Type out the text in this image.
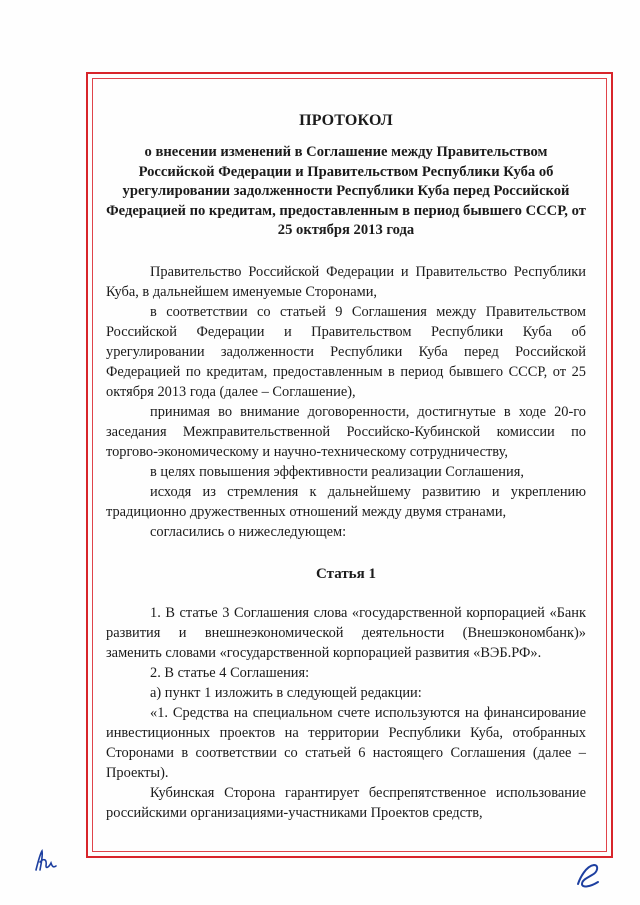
ПРОТОКОЛ
о внесении изменений в Соглашение между Правительством Российской Федерации и Правительством Республики Куба об урегулировании задолженности Республики Куба перед Российской Федерацией по кредитам, предоставленным в период бывшего СССР, от 25 октября 2013 года

Правительство Российской Федерации и Правительство Республики Куба, в дальнейшем именуемые Сторонами,

в соответствии со статьей 9 Соглашения между Правительством Российской Федерации и Правительством Республики Куба об урегулировании задолженности Республики Куба перед Российской Федерацией по кредитам, предоставленным в период бывшего СССР, от 25 октября 2013 года (далее – Соглашение),

принимая во внимание договоренности, достигнутые в ходе 20-го заседания Межправительственной Российско-Кубинской комиссии по торгово-экономическому и научно-техническому сотрудничеству,

в целях повышения эффективности реализации Соглашения,

исходя из стремления к дальнейшему развитию и укреплению традиционно дружественных отношений между двумя странами,

согласились о нижеследующем:

Статья 1

1. В статье 3 Соглашения слова «государственной корпорацией «Банк развития и внешнеэкономической деятельности (Внешэкономбанк)» заменить словами «государственной корпорацией развития «ВЭБ.РФ».

2. В статье 4 Соглашения:

а) пункт 1 изложить в следующей редакции:

«1. Средства на специальном счете используются на финансирование инвестиционных проектов на территории Республики Куба, отобранных Сторонами в соответствии со статьей 6 настоящего Соглашения (далее – Проекты).

Кубинская Сторона гарантирует беспрепятственное использование российскими организациями-участниками Проектов средств,
